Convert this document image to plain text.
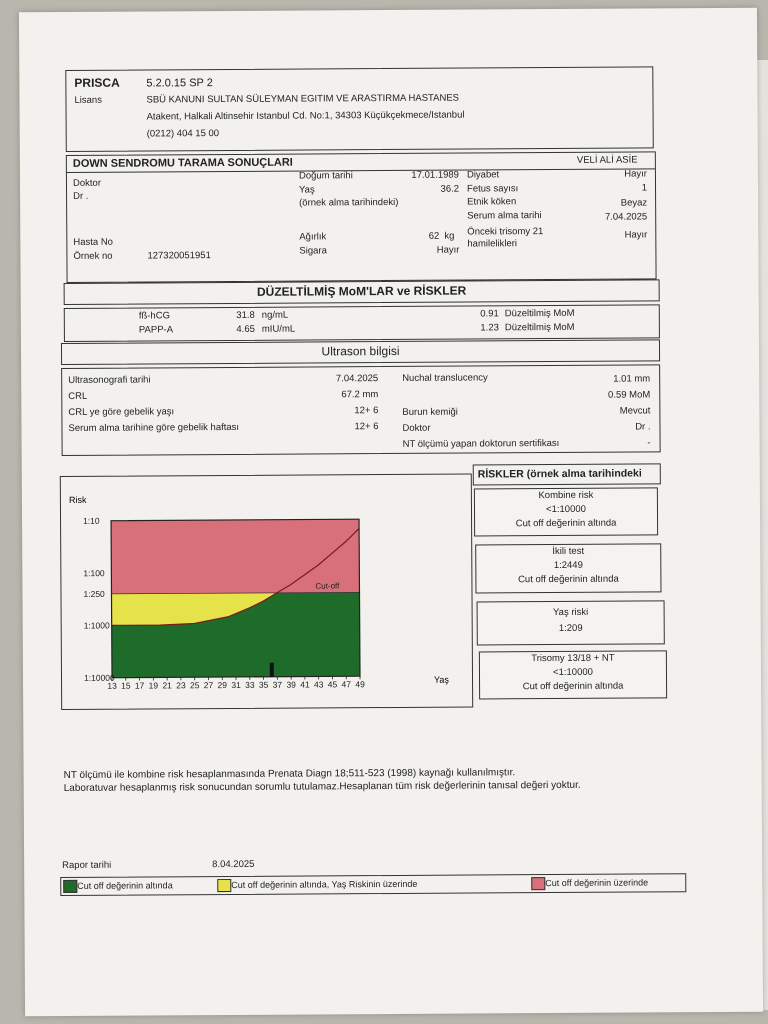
PRISCA 5.2.0.15 SP 2
Lisans	SBÜ KANUNI SULTAN SÜLEYMAN EGITIM VE ARASTIRMA HASTANES
Atakent, Halkali Altinsehir Istanbul Cd. No:1, 34303 Küçükçekmece/Istanbul
(0212) 404 15 00
DOWN SENDROMU TARAMA SONUÇLARI	VELİ ALİ ASİE
Doktor
Dr .
Hasta No
Örnek no	127320051951
Doğum tarihi	17.01.1989
Yaş	36.2
(örnek alma tarihindeki)
Ağırlık	62 kg
Sigara	Hayır
Diyabet	Hayır
Fetus sayısı	1
Etnik köken	Beyaz
Serum alma tarihi	7.04.2025
Önceki trisomy 21
hamilelikleri
Hayır
DÜZELTİLMİŞ MoM'LAR ve RİSKLER
fß-hCG	31.8 ng/mL	0.91 Düzeltilmiş MoM
PAPP-A	4.65 mIU/mL	1.23 Düzeltilmiş MoM
Ultrason bilgisi
Ultrasonografi tarihi	7.04.2025
CRL	67.2 mm
CRL ye göre gebelik yaşı	12+ 6
Serum alma tarihine göre gebelik haftası	12+ 6
Nuchal translucency	1.01 mm
0.59 MoM
Burun kemiği	Mevcut
Doktor	Dr .
NT ölçümü yapan doktorun sertifikası	-
Risk
Yaş
Cut-off
1:10
1:100
1:250
1:1000
1:10000
13 15 17 19 21 23 25 27 29 31 33 35 37 39 41 43 45 47 49
RİSKLER (örnek alma tarihindeki
Kombine risk
<1:10000
Cut off değerinin altında
İkili test
1:2449
Cut off değerinin altında
Yaş riski
1:209
Trisomy 13/18 + NT
<1:10000
Cut off değerinin altında
NT ölçümü ile kombine risk hesaplanmasında Prenata Diagn 18;511-523 (1998) kaynağı kullanılmıştır.
Laboratuvar hesaplanmış risk sonucundan sorumlu tutulamaz.Hesaplanan tüm risk değerlerinin tanısal değeri yoktur.
Rapor tarihi	8.04.2025
Cut off değerinin altında	Cut off değerinin altında, Yaş Riskinin üzerinde	Cut off değerinin üzerinde
